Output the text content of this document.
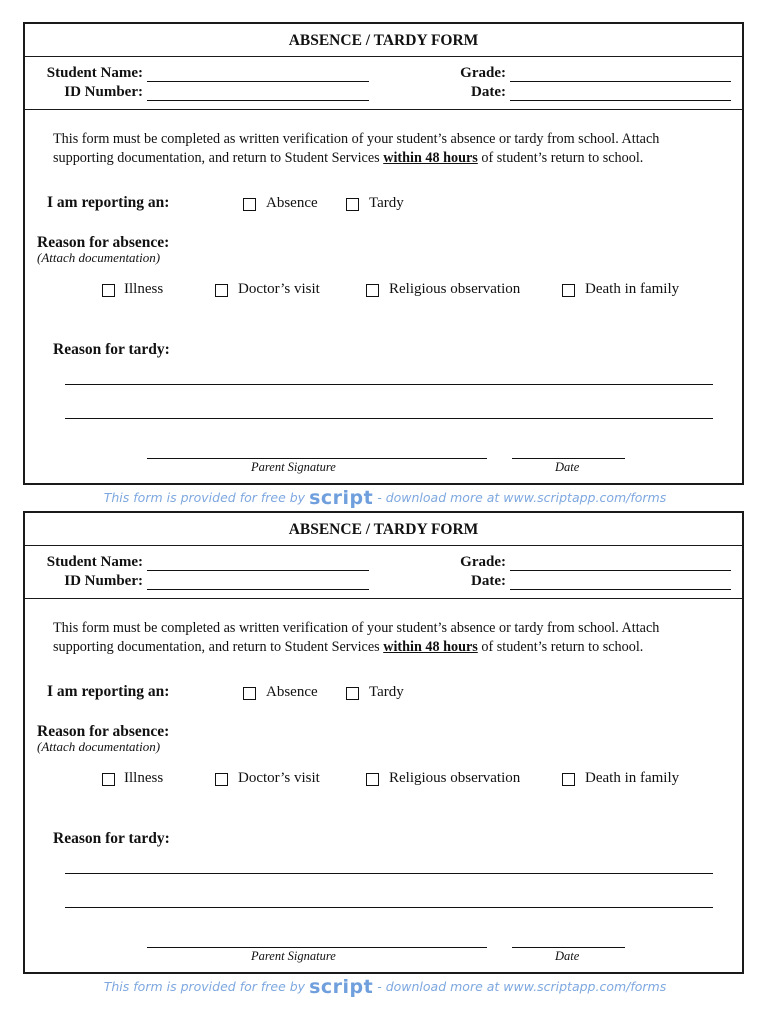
ABSENCE / TARDY FORM
Student Name:
ID Number:
Grade:
Date:
This form must be completed as written verification of your student’s absence or tardy from school. Attach
supporting documentation, and return to Student Services within 48 hours of student’s return to school.
I am reporting an:	Absence	Tardy
Reason for absence:
(Attach documentation)
Illness	Doctor’s visit	Religious observation	Death in family
Reason for tardy:
Parent Signature	Date
This form is provided for free by script - download more at www.scriptapp.com/forms
ABSENCE / TARDY FORM
Student Name:
ID Number:
Grade:
Date:
This form must be completed as written verification of your student’s absence or tardy from school. Attach
supporting documentation, and return to Student Services within 48 hours of student’s return to school.
I am reporting an:	Absence	Tardy
Reason for absence:
(Attach documentation)
Illness	Doctor’s visit	Religious observation	Death in family
Reason for tardy:
Parent Signature	Date
This form is provided for free by script - download more at www.scriptapp.com/forms
